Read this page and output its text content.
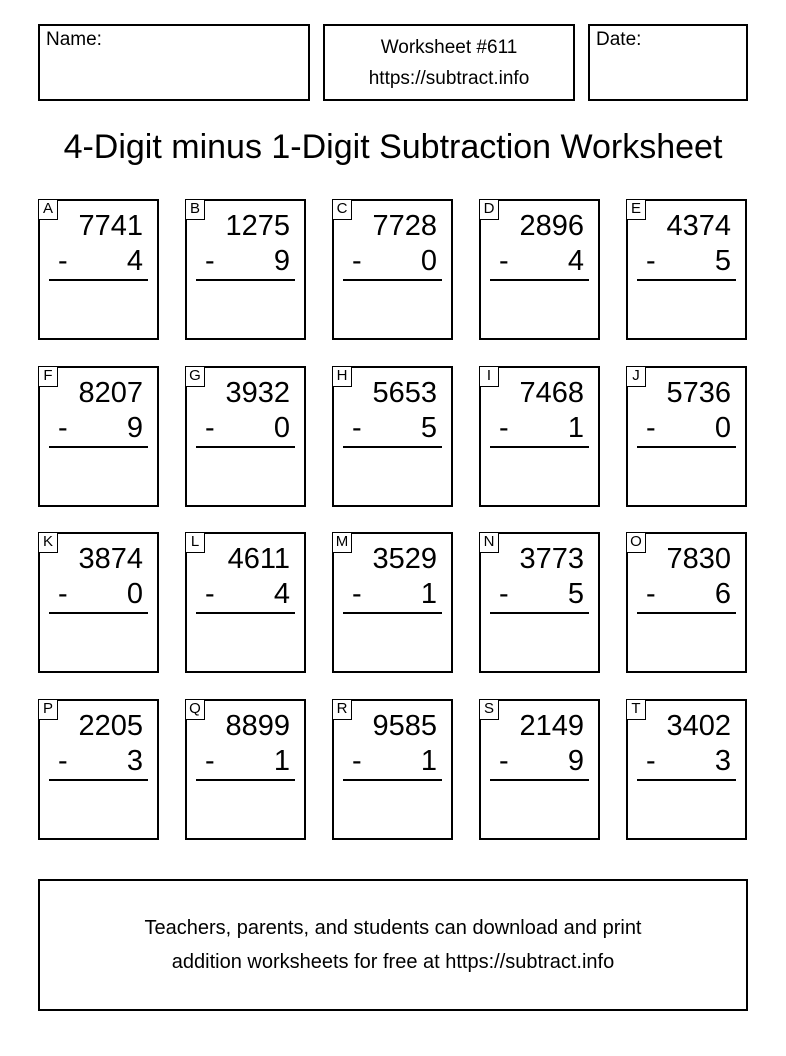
Name:	Worksheet #611
https://subtract.info
Date:
4-Digit minus 1-Digit Subtraction Worksheet
A
7741
- 4
B
1275
- 9
C
7728
- 0
D
2896
- 4
E
4374
- 5
F
8207
- 9
G
3932
- 0
H
5653
- 5
I
7468
- 1
J
5736
- 0
K
3874
- 0
L
4611
- 4
M
3529
- 1
N
3773
- 5
O
7830
- 6
P
2205
- 3
Q
8899
- 1
R
9585
- 1
S
2149
- 9
T
3402
- 3
Teachers, parents, and students can download and print
addition worksheets for free at https://subtract.info
